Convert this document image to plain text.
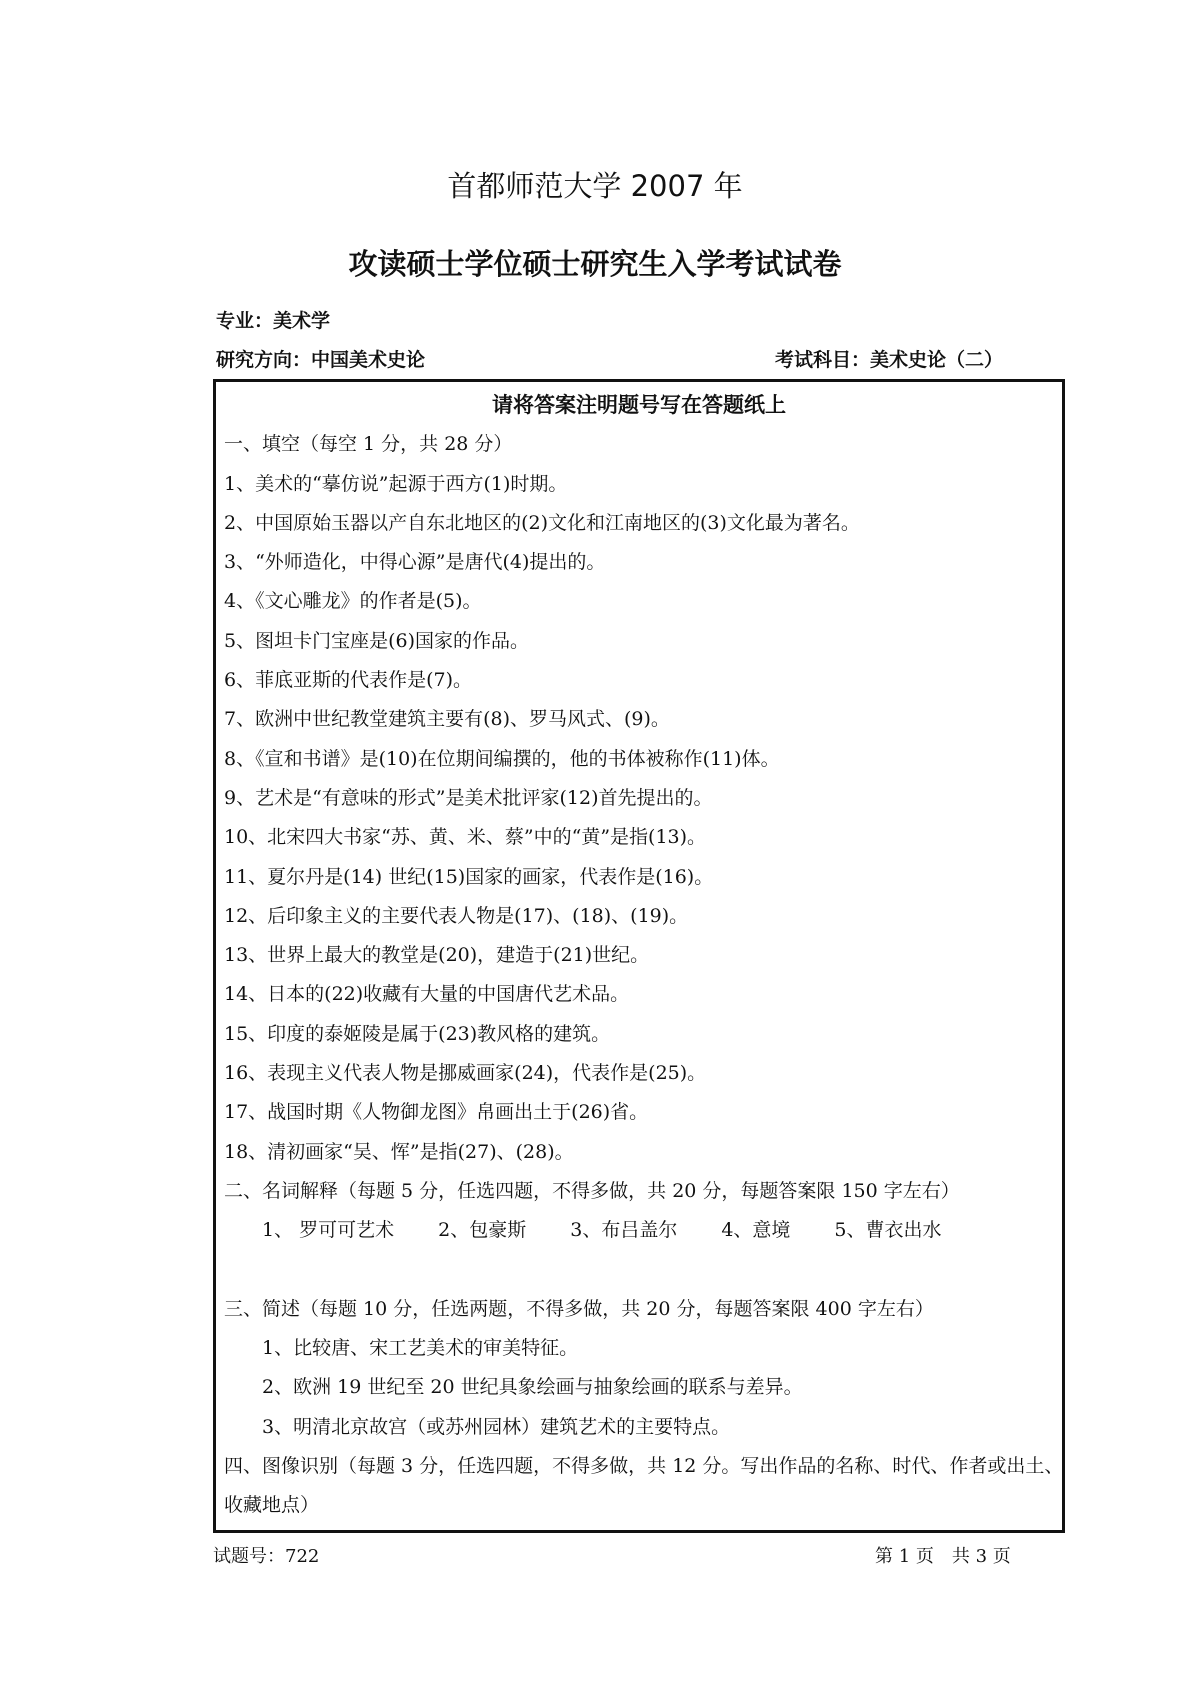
首都师范大学 2007 年
攻读硕士学位硕士研究生入学考试试卷
专业：美术学
研究方向：中国美术史论	考试科目：美术史论（二）
请将答案注明题号写在答题纸上
一、填空（每空 1 分，共 28 分）
1、美术的“摹仿说”起源于西方(1)时期。
2、中国原始玉器以产自东北地区的(2)文化和江南地区的(3)文化最为著名。
3、“外师造化，中得心源”是唐代(4)提出的。
4、《文心雕龙》的作者是(5)。
5、图坦卡门宝座是(6)国家的作品。
6、菲底亚斯的代表作是(7)。
7、欧洲中世纪教堂建筑主要有(8)、罗马风式、(9)。
8、《宣和书谱》是(10)在位期间编撰的，他的书体被称作(11)体。
9、艺术是“有意味的形式”是美术批评家(12)首先提出的。
10、北宋四大书家“苏、黄、米、蔡”中的“黄”是指(13)。
11、夏尔丹是(14) 世纪(15)国家的画家，代表作是(16)。
12、后印象主义的主要代表人物是(17)、(18)、(19)。
13、世界上最大的教堂是(20)，建造于(21)世纪。
14、日本的(22)收藏有大量的中国唐代艺术品。
15、印度的泰姬陵是属于(23)教风格的建筑。
16、表现主义代表人物是挪威画家(24)，代表作是(25)。
17、战国时期《人物御龙图》帛画出土于(26)省。
18、清初画家“吴、恽”是指(27)、(28)。
二、名词解释（每题 5 分，任选四题，不得多做，共 20 分，每题答案限 150 字左右）
1、 罗可可艺术 2、包豪斯 3、布吕盖尔 4、意境 5、曹衣出水
三、简述（每题 10 分，任选两题，不得多做，共 20 分，每题答案限 400 字左右）
1、比较唐、宋工艺美术的审美特征。
2、欧洲 19 世纪至 20 世纪具象绘画与抽象绘画的联系与差异。
3、明清北京故宫（或苏州园林）建筑艺术的主要特点。
四、图像识别（每题 3 分，任选四题，不得多做，共 12 分。写出作品的名称、时代、作者或出土、
收藏地点）
试题号：722	第 1 页　共 3 页
